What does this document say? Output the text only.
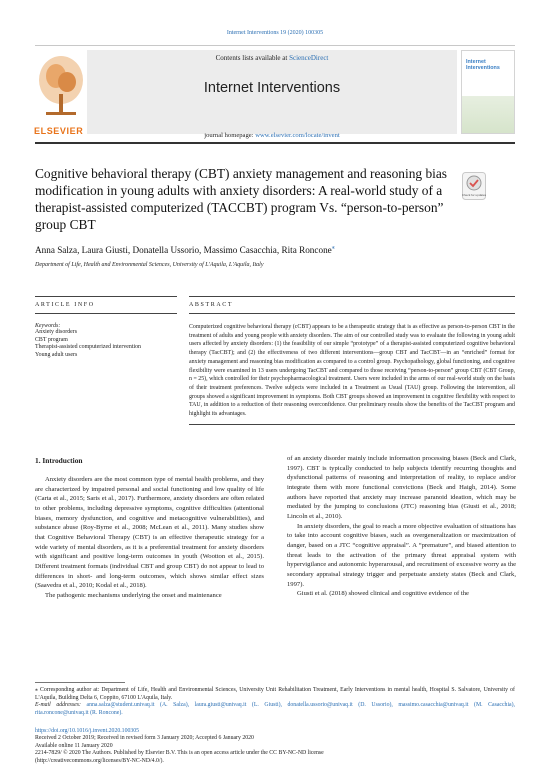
Internet Interventions 19 (2020) 100305
ELSEVIER
Contents lists available at ScienceDirect
Internet Interventions
journal homepage: www.elsevier.com/locate/invent
Internet
Interventions
Cognitive behavioral therapy (CBT) anxiety management and reasoning bias modification in young adults with anxiety disorders: A real-world study of a therapist-assisted computerized (TACCBT) program Vs. “person-to-person” group CBT
Check for updates
Anna Salza, Laura Giusti, Donatella Ussorio, Massimo Casacchia, Rita Roncone⁎
Department of Life, Health and Environmental Sciences, University of L'Aquila, L'Aquila, Italy
ARTICLE INFO
Keywords:
Anxiety disorders
CBT program
Therapist-assisted computerized intervention
Young adult users
ABSTRACT
Computerized cognitive behavioral therapy (cCBT) appears to be a therapeutic strategy that is as effective as person-to-person CBT in the treatment of adults and young people with anxiety disorders. The aim of our controlled study was to evaluate the following in young adult users affected by anxiety disorders: (1) the feasibility of our simple “prototype” of a therapist-assisted computerized cognitive behavioral therapy (TacCBT); and (2) the effectiveness of two different interventions—group CBT and TacCBT—in an “enriched” format for anxiety management and reasoning bias modification as compared to a control group. Psychopathology, global functioning, and cognitive flexibility were examined in 13 users undergoing TacCBT and compared to those receiving “person-to-person” group CBT (CBT Group, n = 25), which controlled for their psychopharmacological treatment. Users were included in the arms of our real-world study on the basis of their treatment preferences. Twelve subjects were included in a Treatment as Usual (TAU) group. Following the intervention, all groups showed a significant improvement in symptoms. Both CBT groups showed an improvement in cognitive flexibility with respect to TAU, in addition to a reduction of their reasoning overconfidence. Our preliminary results show the benefits of the TacCBT program and highlight its advantages.
1. Introduction

Anxiety disorders are the most common type of mental health problems, and they are characterized by impaired personal and social functioning and low quality of life (Carta et al., 2015; Saris et al., 2017). Furthermore, anxiety disorders are often related to other problems, including depressive symptoms, cognitive difficulties (attentional biases, memory dysfunction, and cognitive and metacognitive vulnerabilities), and substance abuse (Roy-Byrne et al., 2008; McLean et al., 2011). Many studies show that Cognitive Behavioral Therapy (CBT) is an effective therapeutic strategy for a wide variety of mental disorders, as it is a preferential treatment for anxiety disorders with significant and positive long-term outcomes in youth (Wootton et al., 2015). Different treatment formats (individual CBT and group CBT) do not appear to lead to differences in short- and long-term outcomes, which shows similar effect sizes (Saavedra et al., 2010; Kodal et al., 2018).

The pathogenic mechanisms underlying the onset and maintenance

of an anxiety disorder mainly include information processing biases (Beck and Clark, 1997). CBT is typically conducted to help subjects identify recurring thoughts and dysfunctional patterns of reasoning and interpretation of reality, to replace and/or integrate them with more functional convictions (Beck and Haigh, 2014). Some authors have reported that anxiety may increase paranoid ideation, which may be mediated by the jumping to conclusions (JTC) reasoning bias (Giusti et al., 2018; Lincoln et al., 2010).

In anxiety disorders, the goal to reach a more objective evaluation of situations has to take into account cognitive biases, such as overgeneralization or maximization of danger, based on a JTC “cognitive appraisal”. A “premature”, and biased attention to threat leads to the activation of the primary threat appraisal system with hypervigilance and autonomic hyperarousal, and recruitment of excessive worry as the secondary appraisal strategy trigger and perpetuate anxiety states (Beck and Clark, 1997).

Giusti et al. (2018) showed clinical and cognitive evidence of the

⁎ Corresponding author at: Department of Life, Health and Environmental Sciences, University Unit Rehabilitation Treatment, Early Interventions in mental health, Hospital S. Salvatore, University of L'Aquila, Building Delta 6, Coppito, 67100 L'Aquila, Italy.
E-mail addresses: anna.salza@student.univaq.it (A. Salza), laura.giusti@univaq.it (L. Giusti), donatella.ussorio@univaq.it (D. Ussorio), massimo.casacchia@univaq.it (M. Casacchia), rita.roncone@univaq.it (R. Roncone).
https://doi.org/10.1016/j.invent.2020.100305
Received 2 October 2019; Received in revised form 3 January 2020; Accepted 6 January 2020
Available online 11 January 2020
2214-7829/ © 2020 The Authors. Published by Elsevier B.V. This is an open access article under the CC BY-NC-ND license
(http://creativecommons.org/licenses/BY-NC-ND/4.0/).
